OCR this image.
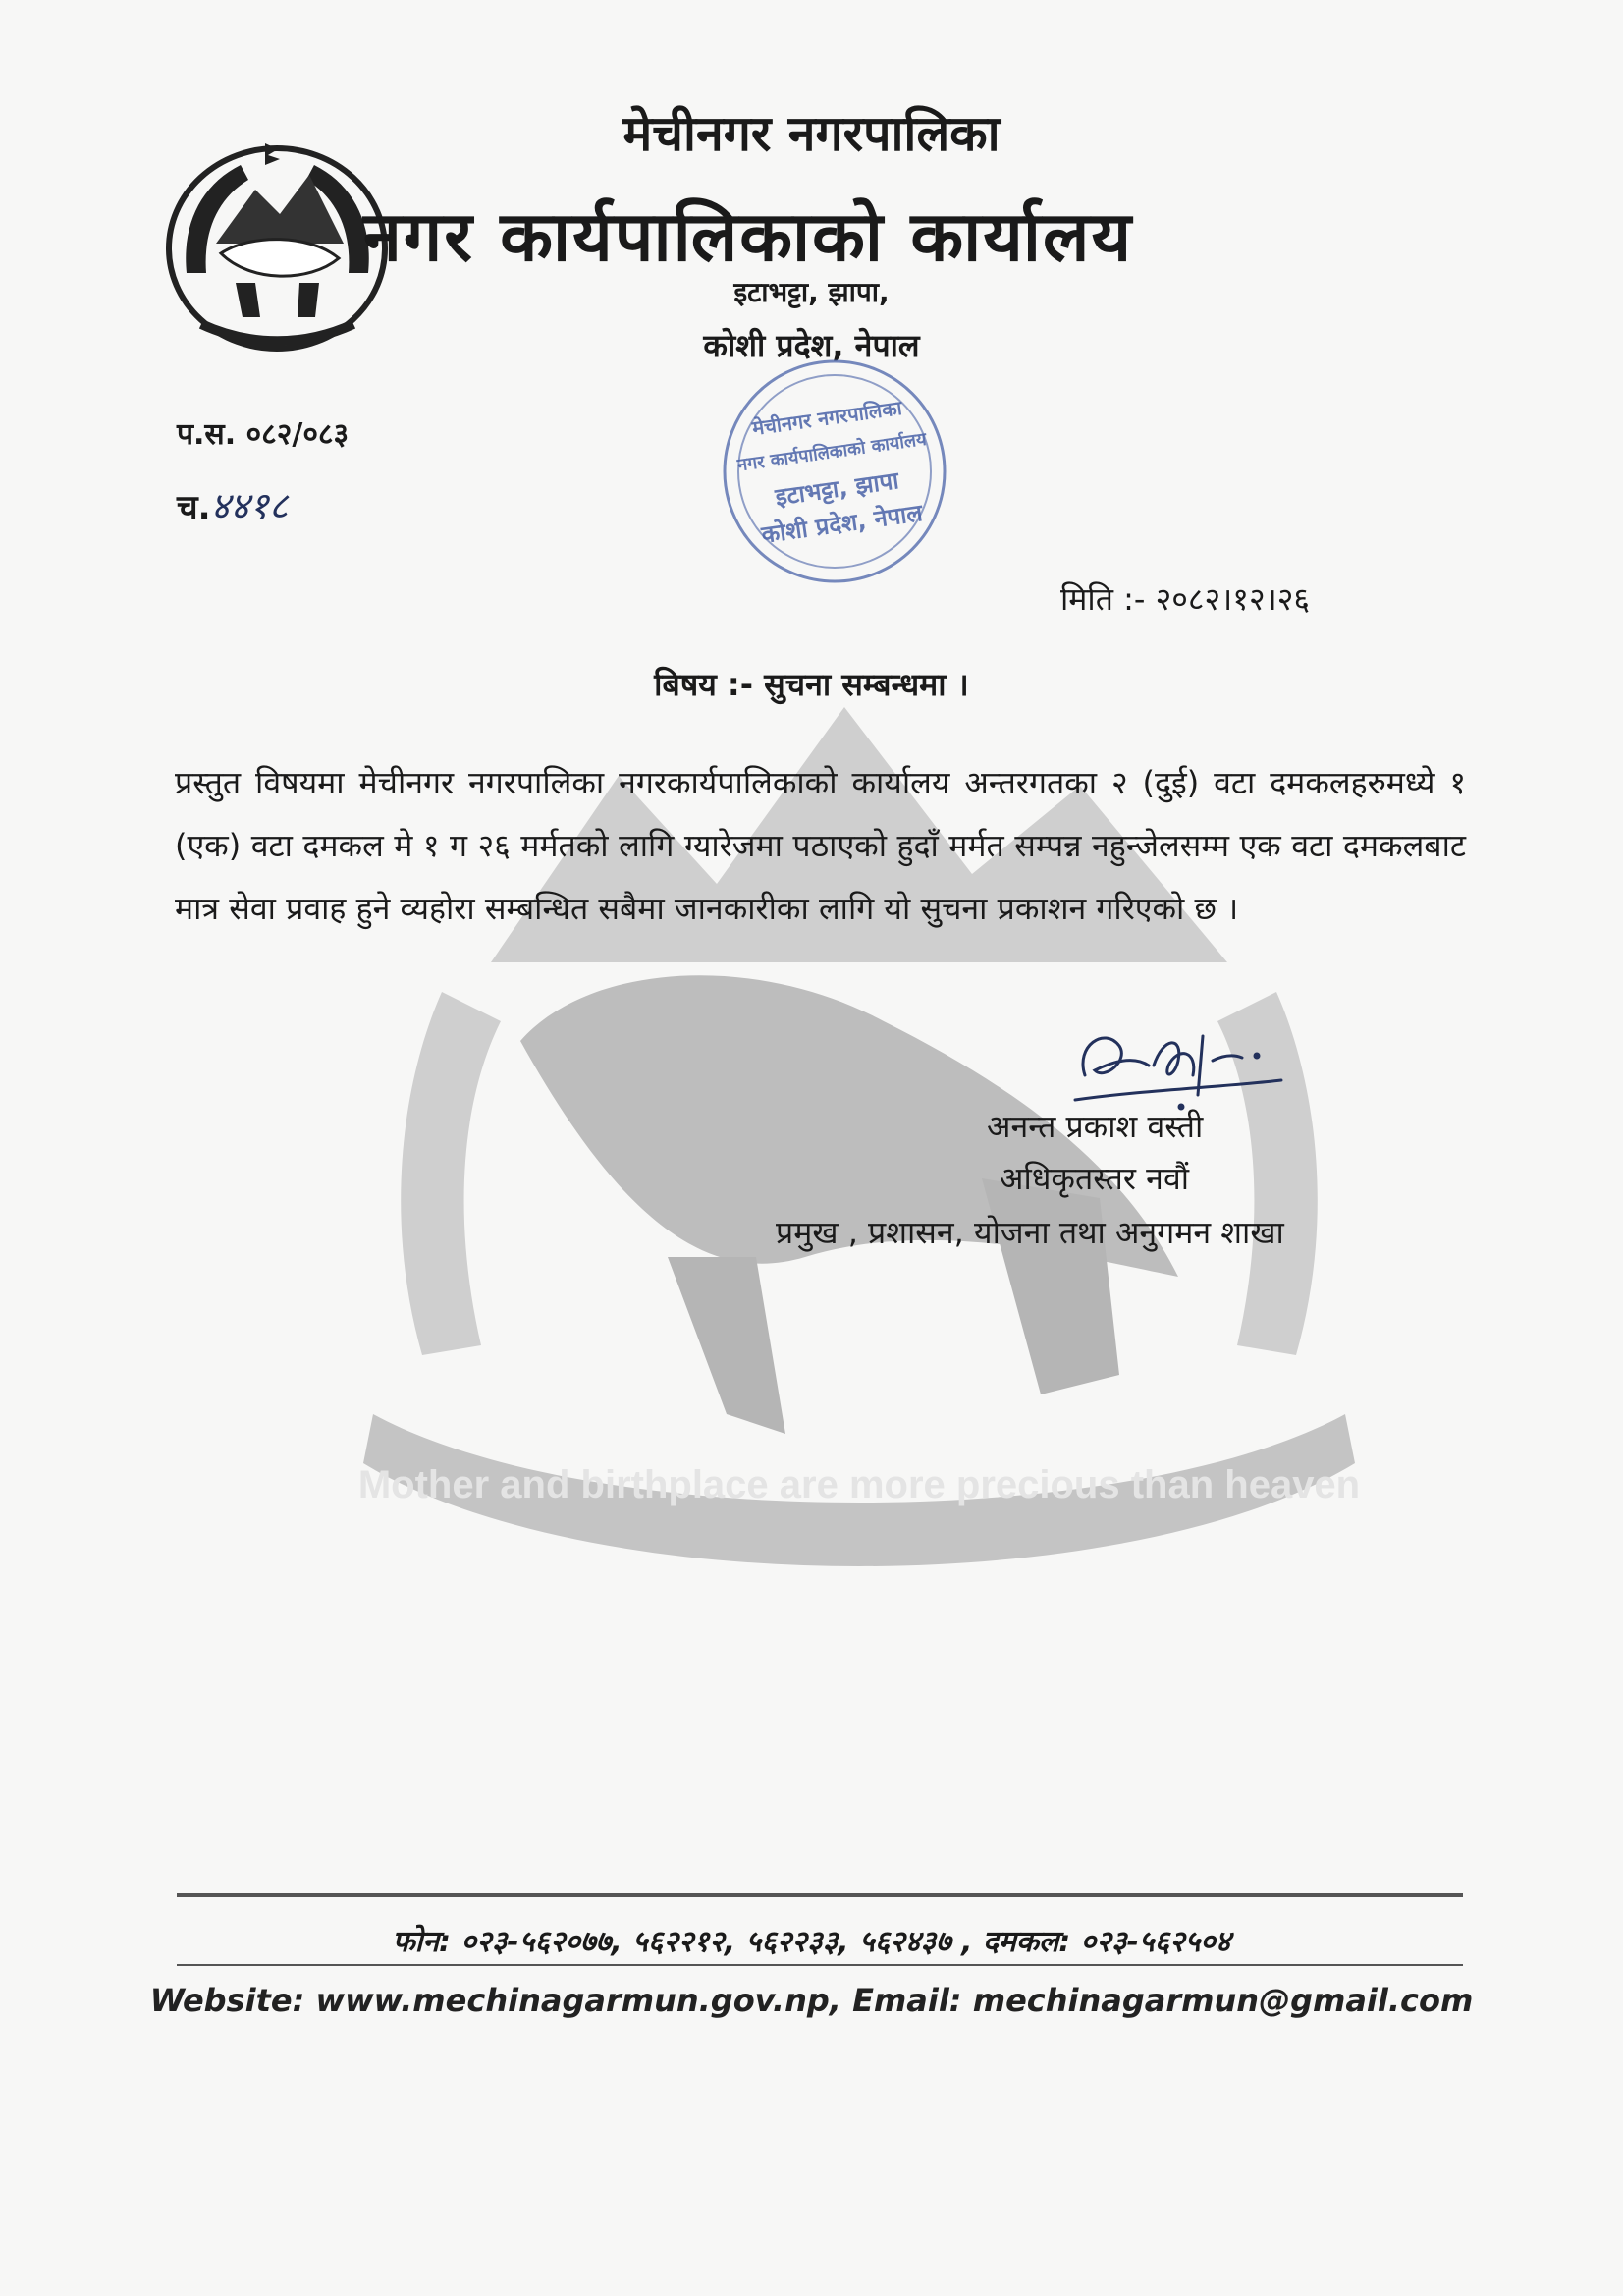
Mother and birthplace are more precious than heaven
मेचीनगर नगरपालिका
नगर कार्यपालिकाको कार्यालय
इटाभट्टा, झापा,
कोशी प्रदेश, नेपाल
मेचीनगर नगरपालिका
नगर कार्यपालिकाको कार्यालय
इटाभट्टा, झापा
कोशी प्रदेश, नेपाल
प.स. ०८२/०८३
च.४४१८
मिति :- २०८२।१२।२६
बिषय :- सुचना सम्बन्धमा ।
प्रस्तुत विषयमा मेचीनगर नगरपालिका नगरकार्यपालिकाको कार्यालय अन्तरगतका २ (दुई) वटा दमकलहरुमध्ये १ (एक) वटा दमकल मे १ ग २६ मर्मतको लागि ग्यारेजमा पठाएको हुदाँ मर्मत सम्पन्न नहुन्जेलसम्म एक वटा दमकलबाट मात्र सेवा प्रवाह हुने व्यहोरा सम्बन्धित सबैमा जानकारीका लागि यो सुचना प्रकाशन गरिएको छ ।
अनन्त प्रकाश वस्ती
अधिकृतस्तर नवौं
प्रमुख , प्रशासन, योजना तथा अनुगमन शाखा
फोन: ०२३-५६२०७७, ५६२२१२, ५६२२३३, ५६२४३७ , दमकल: ०२३-५६२५०४
Website: www.mechinagarmun.gov.np, Email: mechinagarmun@gmail.com
